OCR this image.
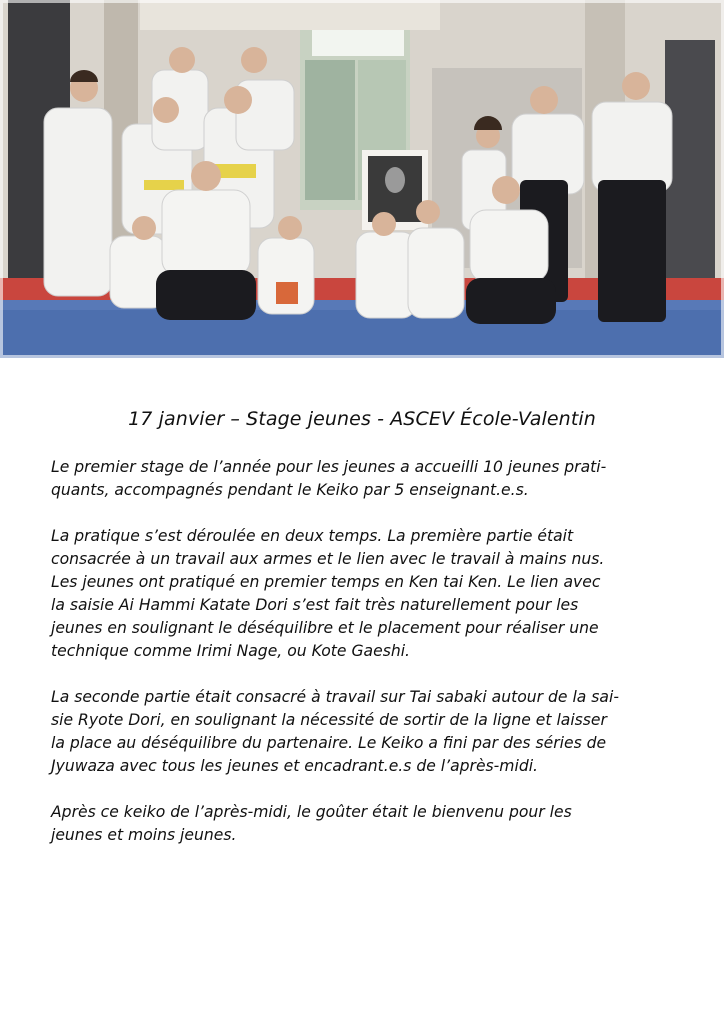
17 janvier – Stage jeunes - ASCEV École-Valentin

Le premier stage de l’année pour les jeunes a accueilli 10 jeunes prati-
quants, accompagnés pendant le Keiko par 5 enseignant.e.s.

La pratique s’est déroulée en deux temps. La première partie était
consacrée à un travail aux armes et le lien avec le travail à mains nus.
Les jeunes ont pratiqué en premier temps en Ken tai Ken. Le lien avec
la saisie Ai Hammi Katate Dori s’est fait très naturellement pour les
jeunes en soulignant le déséquilibre et le placement pour réaliser une
technique comme Irimi Nage, ou Kote Gaeshi.

La seconde partie était consacré à travail sur Tai sabaki autour de la sai-
sie Ryote Dori, en soulignant la nécessité de sortir de la ligne et laisser
la place au déséquilibre du partenaire. Le Keiko a fini par des séries de
Jyuwaza avec tous les jeunes et encadrant.e.s de l’après-midi.

Après ce keiko de l’après-midi, le goûter était le bienvenu pour les
jeunes et moins jeunes.
